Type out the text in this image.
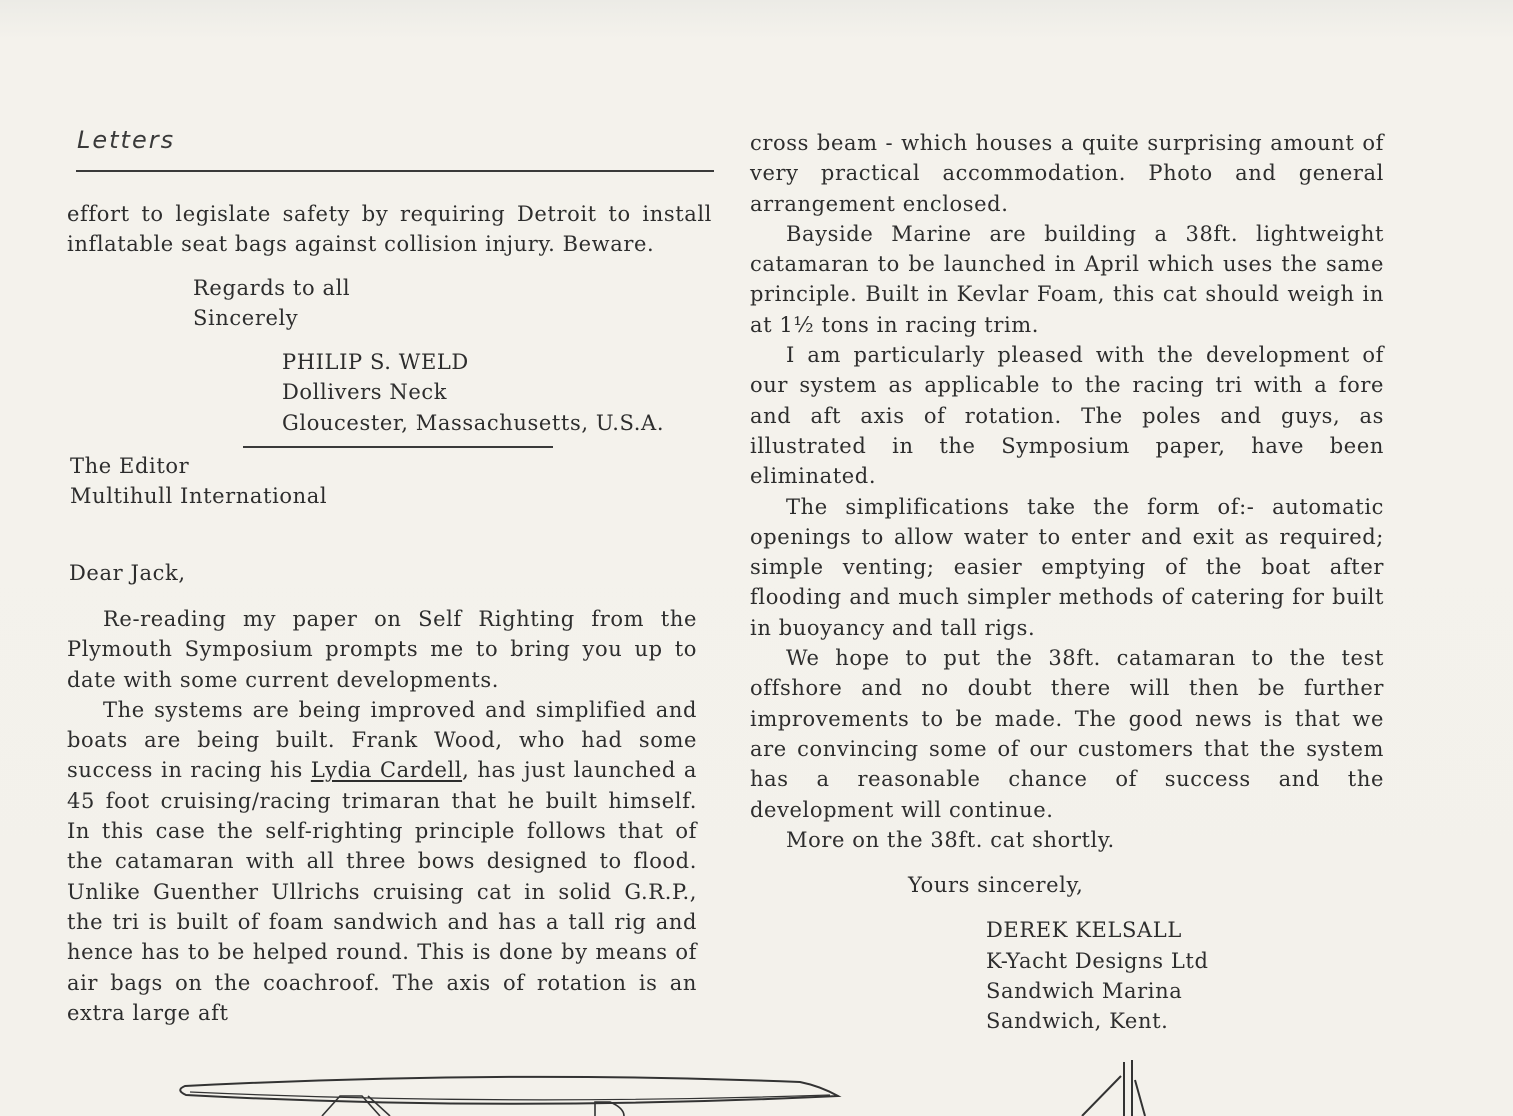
Letters

effort to legislate safety by requiring Detroit to install inflatable seat bags against collision injury. Beware.

Regards to all
Sincerely
PHILIP S. WELD
Dollivers Neck
Gloucester, Massachusetts, U.S.A.
The Editor
Multihull International
Dear Jack,

Re-reading my paper on Self Righting from the Plymouth Symposium prompts me to bring you up to date with some current developments.

The systems are being improved and simplified and boats are being built. Frank Wood, who had some success in racing his Lydia Cardell, has just launched a 45 foot cruising/racing trimaran that he built himself. In this case the self-righting principle follows that of the catamaran with all three bows designed to flood. Unlike Guenther Ullrichs cruising cat in solid G.R.P., the tri is built of foam sandwich and has a tall rig and hence has to be helped round. This is done by means of air bags on the coachroof. The axis of rotation is an extra large aft

cross beam - which houses a quite surprising amount of very practical accommodation. Photo and general arrangement enclosed.

Bayside Marine are building a 38ft. lightweight catamaran to be launched in April which uses the same principle. Built in Kevlar Foam, this cat should weigh in at 1½ tons in racing trim.

I am particularly pleased with the development of our system as applicable to the racing tri with a fore and aft axis of rotation. The poles and guys, as illustrated in the Symposium paper, have been eliminated.

The simplifications take the form of:- automatic openings to allow water to enter and exit as required; simple venting; easier emptying of the boat after flooding and much simpler methods of catering for built in buoyancy and tall rigs.

We hope to put the 38ft. catamaran to the test offshore and no doubt there will then be further improvements to be made. The good news is that we are convincing some of our customers that the system has a reasonable chance of success and the development will continue.

More on the 38ft. cat shortly.

Yours sincerely,
DEREK KELSALL
K-Yacht Designs Ltd
Sandwich Marina
Sandwich, Kent.
